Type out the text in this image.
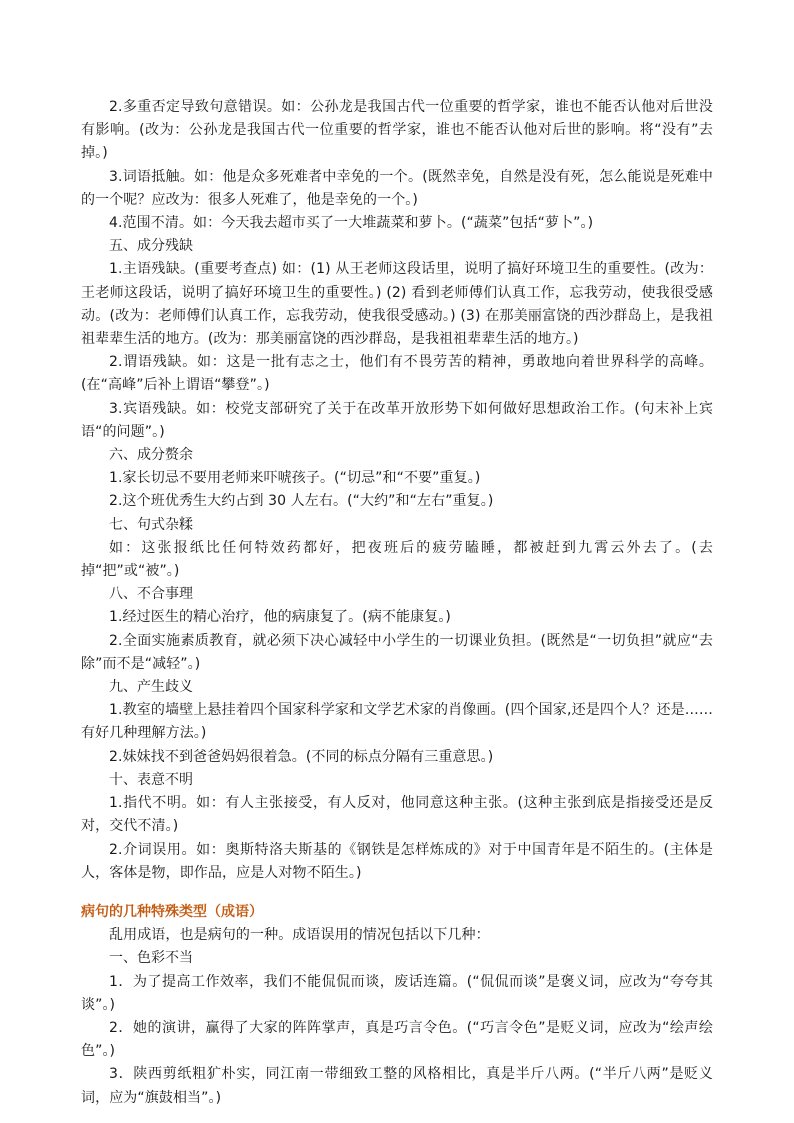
2.多重否定导致句意错误。如：公孙龙是我国古代一位重要的哲学家，谁也不能否认他对后世没有影响。(改为：公孙龙是我国古代一位重要的哲学家，谁也不能否认他对后世的影响。将“没有”去掉。)

3.词语抵触。如：他是众多死难者中幸免的一个。(既然幸免，自然是没有死，怎么能说是死难中的一个呢？应改为：很多人死难了，他是幸免的一个。)

4.范围不清。如：今天我去超市买了一大堆蔬菜和萝卜。(“蔬菜”包括“萝卜”。)

五、成分残缺

1.主语残缺。(重要考查点) 如：(1) 从王老师这段话里，说明了搞好环境卫生的重要性。(改为：王老师这段话，说明了搞好环境卫生的重要性。) (2) 看到老师傅们认真工作，忘我劳动，使我很受感动。(改为：老师傅们认真工作，忘我劳动，使我很受感动。) (3) 在那美丽富饶的西沙群岛上，是我祖祖辈辈生活的地方。(改为：那美丽富饶的西沙群岛，是我祖祖辈辈生活的地方。)

2.谓语残缺。如：这是一批有志之士，他们有不畏劳苦的精神，勇敢地向着世界科学的高峰。(在“高峰”后补上谓语“攀登”。)

3.宾语残缺。如：校党支部研究了关于在改革开放形势下如何做好思想政治工作。(句末补上宾语“的问题”。)

六、成分赘余

1.家长切忌不要用老师来吓唬孩子。(“切忌”和“不要”重复。)

2.这个班优秀生大约占到 30 人左右。(“大约”和“左右”重复。)

七、句式杂糅

如：这张报纸比任何特效药都好，把夜班后的疲劳瞌睡，都被赶到九霄云外去了。(去掉“把”或“被”。)

八、不合事理

1.经过医生的精心治疗，他的病康复了。(病不能康复。)

2.全面实施素质教育，就必须下决心减轻中小学生的一切课业负担。(既然是“一切负担”就应“去除”而不是“减轻”。)

九、产生歧义

1.教室的墙壁上悬挂着四个国家科学家和文学艺术家的肖像画。(四个国家,还是四个人？还是……有好几种理解方法。)

2.妹妹找不到爸爸妈妈很着急。(不同的标点分隔有三重意思。)

十、表意不明

1.指代不明。如：有人主张接受，有人反对，他同意这种主张。(这种主张到底是指接受还是反对，交代不清。)

2.介词误用。如：奥斯特洛夫斯基的《钢铁是怎样炼成的》对于中国青年是不陌生的。(主体是人，客体是物，即作品，应是人对物不陌生。)

病句的几种特殊类型（成语）

乱用成语，也是病句的一种。成语误用的情况包括以下几种：

一、色彩不当

1．为了提高工作效率，我们不能侃侃而谈，废话连篇。(“侃侃而谈”是褒义词，应改为“夸夸其谈”。)

2．她的演讲，赢得了大家的阵阵掌声，真是巧言令色。(“巧言令色”是贬义词，应改为“绘声绘色”。)

3．陕西剪纸粗犷朴实，同江南一带细致工整的风格相比，真是半斤八两。(“半斤八两”是贬义词，应为“旗鼓相当”。)
